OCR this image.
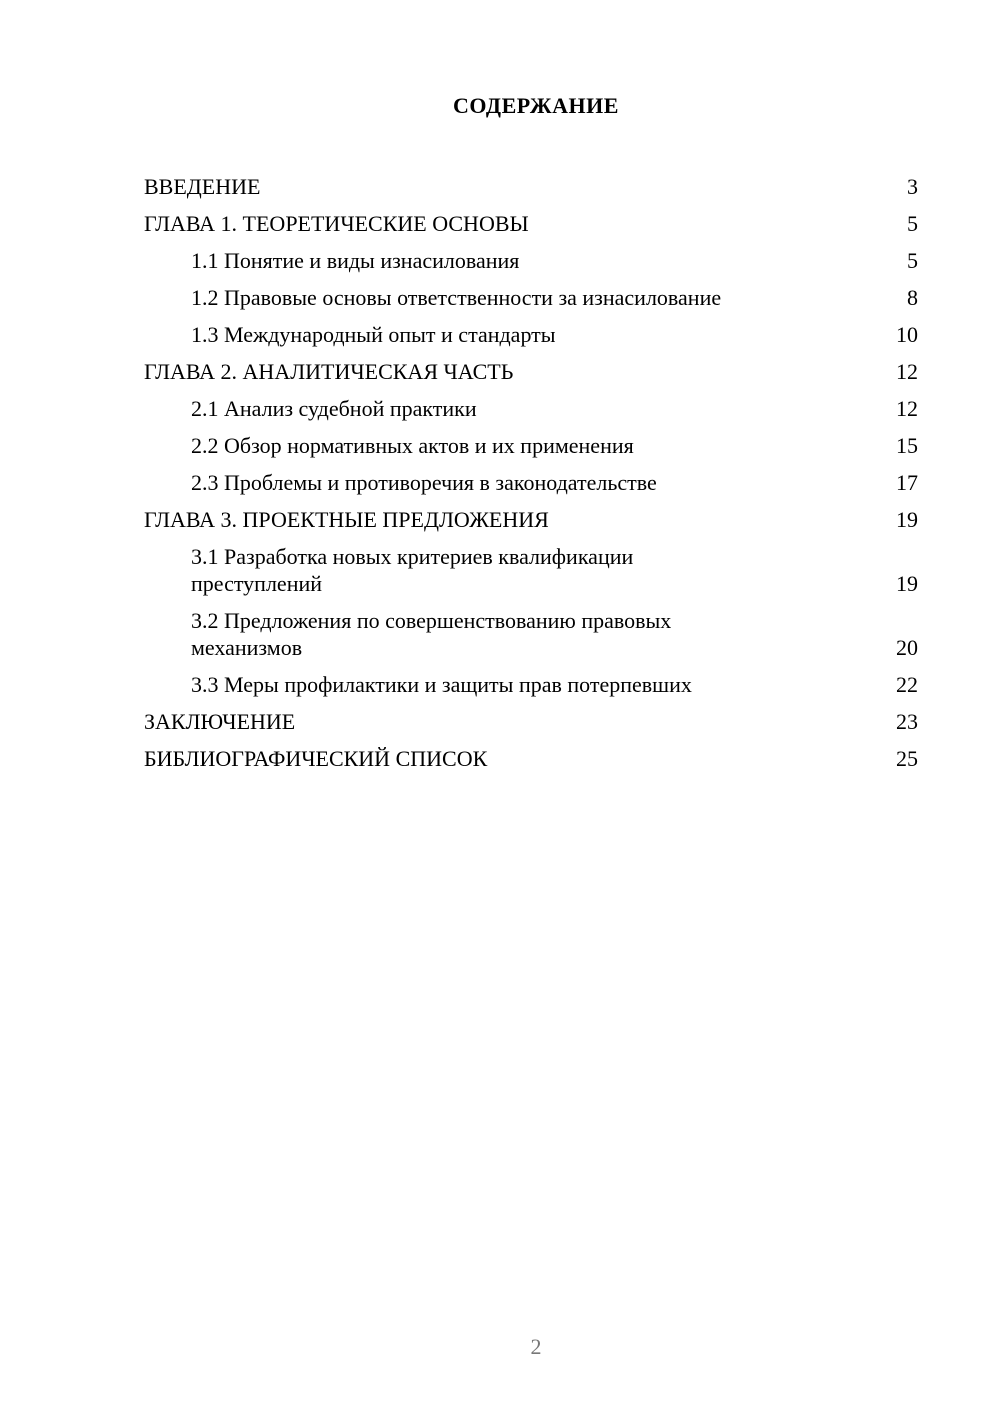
СОДЕРЖАНИЕ
ВВЕДЕНИЕ	3
ГЛАВА 1. ТЕОРЕТИЧЕСКИЕ ОСНОВЫ	5
1.1 Понятие и виды изнасилования	5
1.2 Правовые основы ответственности за изнасилование	8
1.3 Международный опыт и стандарты	10
ГЛАВА 2. АНАЛИТИЧЕСКАЯ ЧАСТЬ	12
2.1 Анализ судебной практики	12
2.2 Обзор нормативных актов и их применения	15
2.3 Проблемы и противоречия в законодательстве	17
ГЛАВА 3. ПРОЕКТНЫЕ ПРЕДЛОЖЕНИЯ	19
3.1 Разработка новых критериев квалификации преступлений	19
3.2 Предложения по совершенствованию правовых механизмов	20
3.3 Меры профилактики и защиты прав потерпевших	22
ЗАКЛЮЧЕНИЕ	23
БИБЛИОГРАФИЧЕСКИЙ СПИСОК	25
2
